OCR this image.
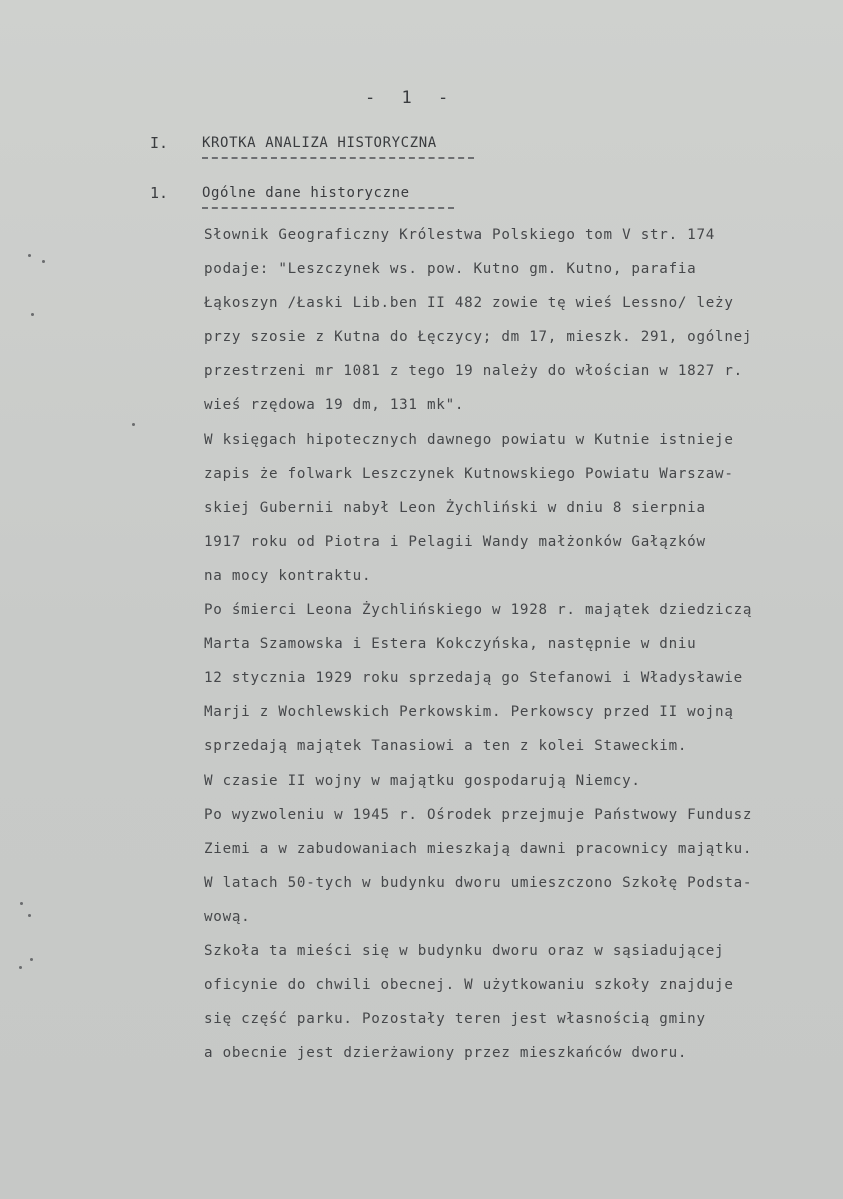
- 1 -
I. KROTKA ANALIZA HISTORYCZNA
1. Ogólne dane historyczne
Słownik Geograficzny Królestwa Polskiego tom V str. 174
podaje: "Leszczynek ws. pow. Kutno gm. Kutno, parafia
Łąkoszyn /Łaski Lib.ben II 482 zowie tę wieś Lessno/ leży
przy szosie z Kutna do Łęczycy; dm 17, mieszk. 291, ogólnej
przestrzeni mr 1081 z tego 19 należy do włościan w 1827 r.
wieś rzędowa 19 dm, 131 mk".
W księgach hipotecznych dawnego powiatu w Kutnie istnieje
zapis że folwark Leszczynek Kutnowskiego Powiatu Warszaw-
skiej Gubernii nabył Leon Żychliński w dniu 8 sierpnia
1917 roku od Piotra i Pelagii Wandy małżonków Gałązków
na mocy kontraktu.
Po śmierci Leona Żychlińskiego w 1928 r. majątek dziedziczą
Marta Szamowska i Estera Kokczyńska, następnie w dniu
12 stycznia 1929 roku sprzedają go Stefanowi i Władysławie
Marji z Wochlewskich Perkowskim. Perkowscy przed II wojną
sprzedają majątek Tanasiowi a ten z kolei Staweckim.
W czasie II wojny w majątku gospodarują Niemcy.
Po wyzwoleniu w 1945 r. Ośrodek przejmuje Państwowy Fundusz
Ziemi a w zabudowaniach mieszkają dawni pracownicy majątku.
W latach 50-tych w budynku dworu umieszczono Szkołę Podsta-
wową.
Szkoła ta mieści się w budynku dworu oraz w sąsiadującej
oficynie do chwili obecnej. W użytkowaniu szkoły znajduje
się część parku. Pozostały teren jest własnością gminy
a obecnie jest dzierżawiony przez mieszkańców dworu.
